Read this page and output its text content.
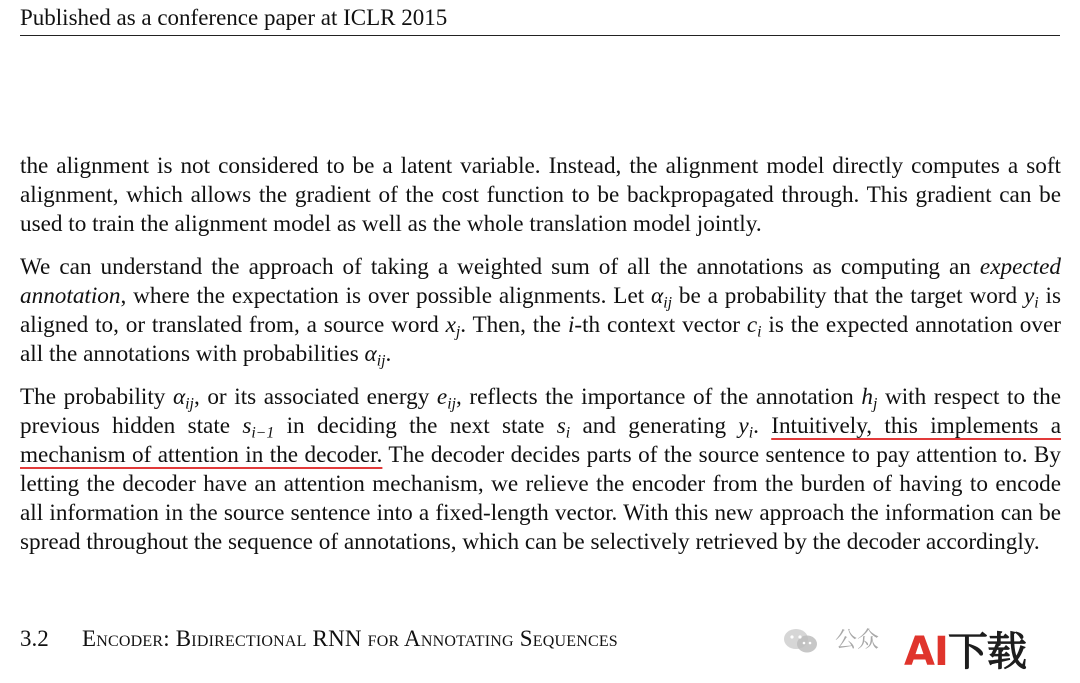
Published as a conference paper at ICLR 2015

the alignment is not considered to be a latent variable. Instead, the alignment model directly computes a soft alignment, which allows the gradient of the cost function to be backpropagated through. This gradient can be used to train the alignment model as well as the whole translation model jointly.

We can understand the approach of taking a weighted sum of all the annotations as computing an expected annotation, where the expectation is over possible alignments. Let $\alpha_{ij}$ be a probability that the target word $y_i$ is aligned to, or translated from, a source word $x_j$. Then, the i-th context vector $c_i$ is the expected annotation over all the annotations with probabilities $\alpha_{ij}$.

The probability $\alpha_{ij}$, or its associated energy $e_{ij}$, reflects the importance of the annotation $h_j$ with respect to the previous hidden state $s_{i-1}$ in deciding the next state $s_i$ and generating $y_i$. Intuitively, this implements a mechanism of attention in the decoder. The decoder decides parts of the source sentence to pay attention to. By letting the decoder have an attention mechanism, we relieve the encoder from the burden of having to encode all information in the source sentence into a fixed-length vector. With this new approach the information can be spread throughout the sequence of annotations, which can be selectively retrieved by the decoder accordingly.

3.2 Encoder: Bidirectional RNN for Annotating Sequences	公众 AI下载
